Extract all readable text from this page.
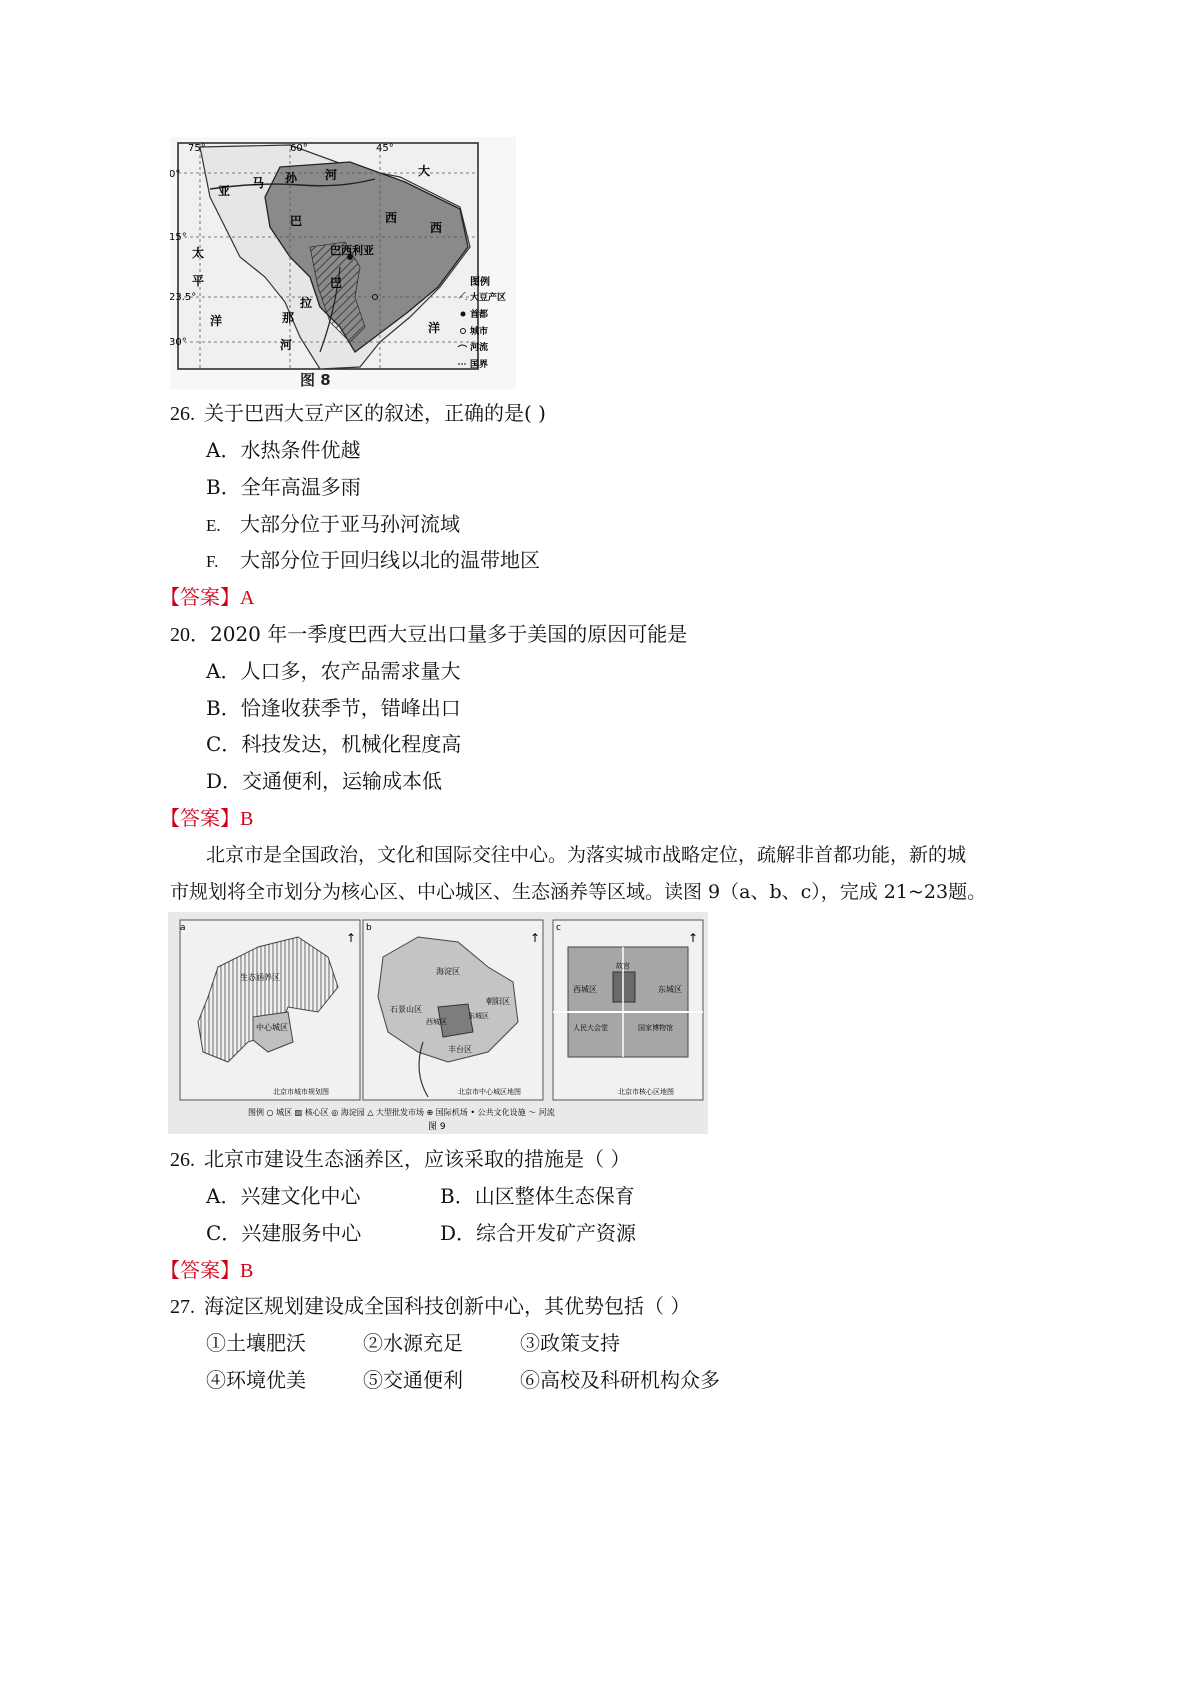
75°	60°	45°
0°
15°
23.5°
30°
亚
马 孙 河
巴	西
巴西利亚
拉
巴
那
河
太
平
洋
大
西
洋
图例
大豆产区
首都
城市
河流
国界
图 8
26. 关于巴西大豆产区的叙述，正确的是( )
A．水热条件优越
B．全年高温多雨
E. 大部分位于亚马孙河流域
F. 大部分位于回归线以北的温带地区
【答案】A
20．2020 年一季度巴西大豆出口量多于美国的原因可能是
A．人口多，农产品需求量大
B．恰逢收获季节，错峰出口
C．科技发达，机械化程度高
D．交通便利，运输成本低
【答案】B
北京市是全国政治，文化和国际交往中心。为落实城市战略定位，疏解非首都功能，新的城
市规划将全市划分为核心区、中心城区、生态涵养等区域。读图 9（a、b、c），完成 21~23题。
a
生态涵养区
中心城区
北京市城市规划图
↑
b
海淀区
石景山区
西城区
东城区
丰台区
朝阳区
北京市中心城区地图
↑
c
西城区	东城区
故宫
国家博物馆
人民大会堂
北京市核心区地图
↑
图例 ○ 城区 ▨ 核心区 ◎ 海淀园 △ 大型批发市场 ⊕ 国际机场 • 公共文化设施 ～ 河流
图 9
26. 北京市建设生态涵养区，应该采取的措施是（ ）
A．兴建文化中心	B．山区整体生态保育
C．兴建服务中心	D．综合开发矿产资源
【答案】B
27. 海淀区规划建设成全国科技创新中心，其优势包括（ ）
①土壤肥沃	②水源充足	③政策支持
④环境优美	⑤交通便利	⑥高校及科研机构众多
